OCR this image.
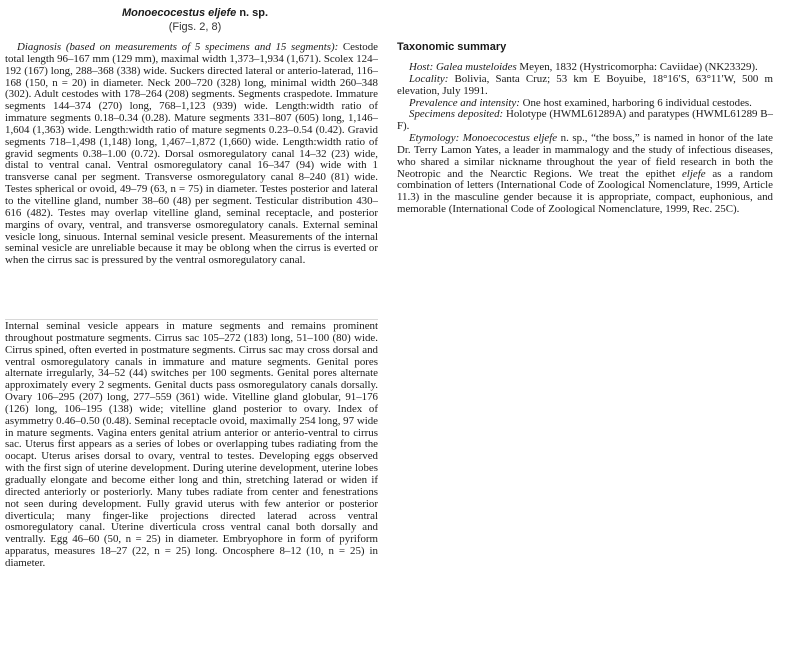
Monoecocestus eljefe n. sp.
(Figs. 2, 8)

Diagnosis (based on measurements of 5 specimens and 15 segments): Cestode total length 96–167 mm (129 mm), maximal width 1,373–1,934 (1,671). Scolex 124–192 (167) long, 288–368 (338) wide. Suckers directed lateral or anterio-laterad, 116–168 (150, n = 20) in diameter. Neck 200–720 (328) long, minimal width 260–348 (302). Adult cestodes with 178–264 (208) segments. Segments craspedote. Immature segments 144–374 (270) long, 768–1,123 (939) wide. Length:width ratio of immature segments 0.18–0.34 (0.28). Mature segments 331–807 (605) long, 1,146–1,604 (1,363) wide. Length:width ratio of mature segments 0.23–0.54 (0.42). Gravid segments 718–1,498 (1,148) long, 1,467–1,872 (1,660) wide. Length:width ratio of gravid segments 0.38–1.00 (0.72). Dorsal osmoregulatory canal 14–32 (23) wide, distal to ventral canal. Ventral osmoregulatory canal 16–347 (94) wide with 1 transverse canal per segment. Transverse osmoregulatory canal 8–240 (81) wide. Testes spherical or ovoid, 49–79 (63, n = 75) in diameter. Testes posterior and lateral to the vitelline gland, number 38–60 (48) per segment. Testicular distribution 430–616 (482). Testes may overlap vitelline gland, seminal receptacle, and posterior margins of ovary, ventral, and transverse osmoregulatory canals. External seminal vesicle long, sinuous. Internal seminal vesicle present. Measurements of the internal seminal vesicle are unreliable because it may be oblong when the cirrus is everted or when the cirrus sac is pressured by the ventral osmoregulatory canal.

Internal seminal vesicle appears in mature segments and remains prominent throughout postmature segments. Cirrus sac 105–272 (183) long, 51–100 (80) wide. Cirrus spined, often everted in postmature segments. Cirrus sac may cross dorsal and ventral osmoregulatory canals in immature and mature segments. Genital pores alternate irregularly, 34–52 (44) switches per 100 segments. Genital pores alternate approximately every 2 segments. Genital ducts pass osmoregulatory canals dorsally. Ovary 106–295 (207) long, 277–559 (361) wide. Vitelline gland globular, 91–176 (126) long, 106–195 (138) wide; vitelline gland posterior to ovary. Index of asymmetry 0.46–0.50 (0.48). Seminal receptacle ovoid, maximally 254 long, 97 wide in mature segments. Vagina enters genital atrium anterior or anterio-ventral to cirrus sac. Uterus first appears as a series of lobes or overlapping tubes radiating from the oocapt. Uterus arises dorsal to ovary, ventral to testes. Developing eggs observed with the first sign of uterine development. During uterine development, uterine lobes gradually elongate and become either long and thin, stretching laterad or widen if directed anteriorly or posteriorly. Many tubes radiate from center and fenestrations not seen during development. Fully gravid uterus with few anterior or posterior diverticula; many finger-like projections directed laterad across ventral osmoregulatory canal. Uterine diverticula cross ventral canal both dorsally and ventrally. Egg 46–60 (50, n = 25) in diameter. Embryophore in form of pyriform apparatus, measures 18–27 (22, n = 25) long. Oncosphere 8–12 (10, n = 25) in diameter.

Taxonomic summary

Host: Galea musteloides Meyen, 1832 (Hystricomorpha: Caviidae) (NK23329).

Locality: Bolivia, Santa Cruz; 53 km E Boyuibe, 18°16′S, 63°11′W, 500 m elevation, July 1991.

Prevalence and intensity: One host examined, harboring 6 individual cestodes.

Specimens deposited: Holotype (HWML61289A) and paratypes (HWML61289 B–F).

Etymology: Monoecocestus eljefe n. sp., “the boss,” is named in honor of the late Dr. Terry Lamon Yates, a leader in mammalogy and the study of infectious diseases, who shared a similar nickname throughout the year of field research in both the Neotropic and the Nearctic Regions. We treat the epithet eljefe as a random combination of letters (International Code of Zoological Nomenclature, 1999, Article 11.3) in the masculine gender because it is appropriate, compact, euphonious, and memorable (International Code of Zoological Nomenclature, 1999, Rec. 25C).
